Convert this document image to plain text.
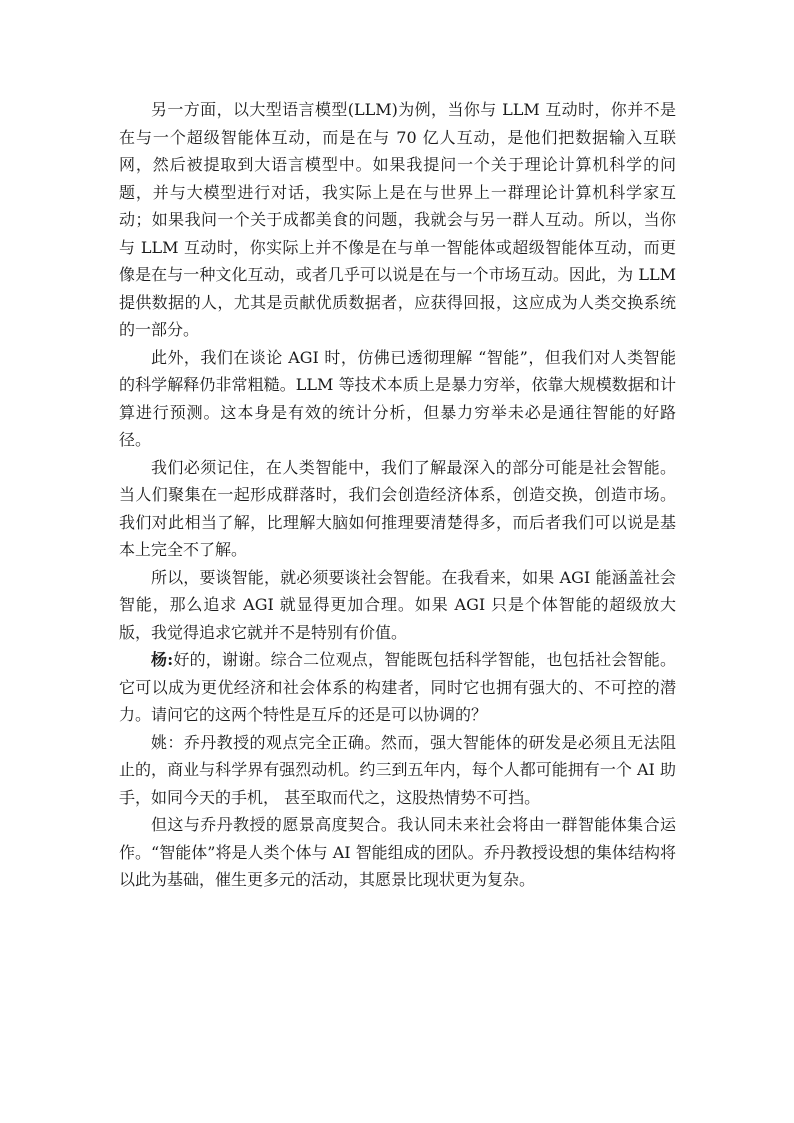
另一方面，以大型语言模型(LLM)为例，当你与 LLM 互动时，你并不是在与一个超级智能体互动，而是在与 70 亿人互动，是他们把数据输入互联网，然后被提取到大语言模型中。如果我提问一个关于理论计算机科学的问题，并与大模型进行对话，我实际上是在与世界上一群理论计算机科学家互动；如果我问一个关于成都美食的问题，我就会与另一群人互动。所以，当你与 LLM 互动时，你实际上并不像是在与单一智能体或超级智能体互动，而更像是在与一种文化互动，或者几乎可以说是在与一个市场互动。因此，为 LLM 提供数据的人，尤其是贡献优质数据者，应获得回报，这应成为人类交换系统的一部分。

此外，我们在谈论 AGI 时，仿佛已透彻理解 “智能”，但我们对人类智能的科学解释仍非常粗糙。LLM 等技术本质上是暴力穷举，依靠大规模数据和计算进行预测。这本身是有效的统计分析，但暴力穷举未必是通往智能的好路径。

我们必须记住，在人类智能中，我们了解最深入的部分可能是社会智能。当人们聚集在一起形成群落时，我们会创造经济体系，创造交换，创造市场。我们对此相当了解，比理解大脑如何推理要清楚得多，而后者我们可以说是基本上完全不了解。

所以，要谈智能，就必须要谈社会智能。在我看来，如果 AGI 能涵盖社会智能，那么追求 AGI 就显得更加合理。如果 AGI 只是个体智能的超级放大版，我觉得追求它就并不是特别有价值。

杨:好的，谢谢。综合二位观点，智能既包括科学智能，也包括社会智能。它可以成为更优经济和社会体系的构建者，同时它也拥有强大的、不可控的潜力。请问它的这两个特性是互斥的还是可以协调的？

姚：乔丹教授的观点完全正确。然而，强大智能体的研发是必须且无法阻止的，商业与科学界有强烈动机。约三到五年内，每个人都可能拥有一个 AI 助手，如同今天的手机， 甚至取而代之，这股热情势不可挡。

但这与乔丹教授的愿景高度契合。我认同未来社会将由一群智能体集合运作。“智能体”将是人类个体与 AI 智能组成的团队。乔丹教授设想的集体结构将以此为基础，催生更多元的活动，其愿景比现状更为复杂。
